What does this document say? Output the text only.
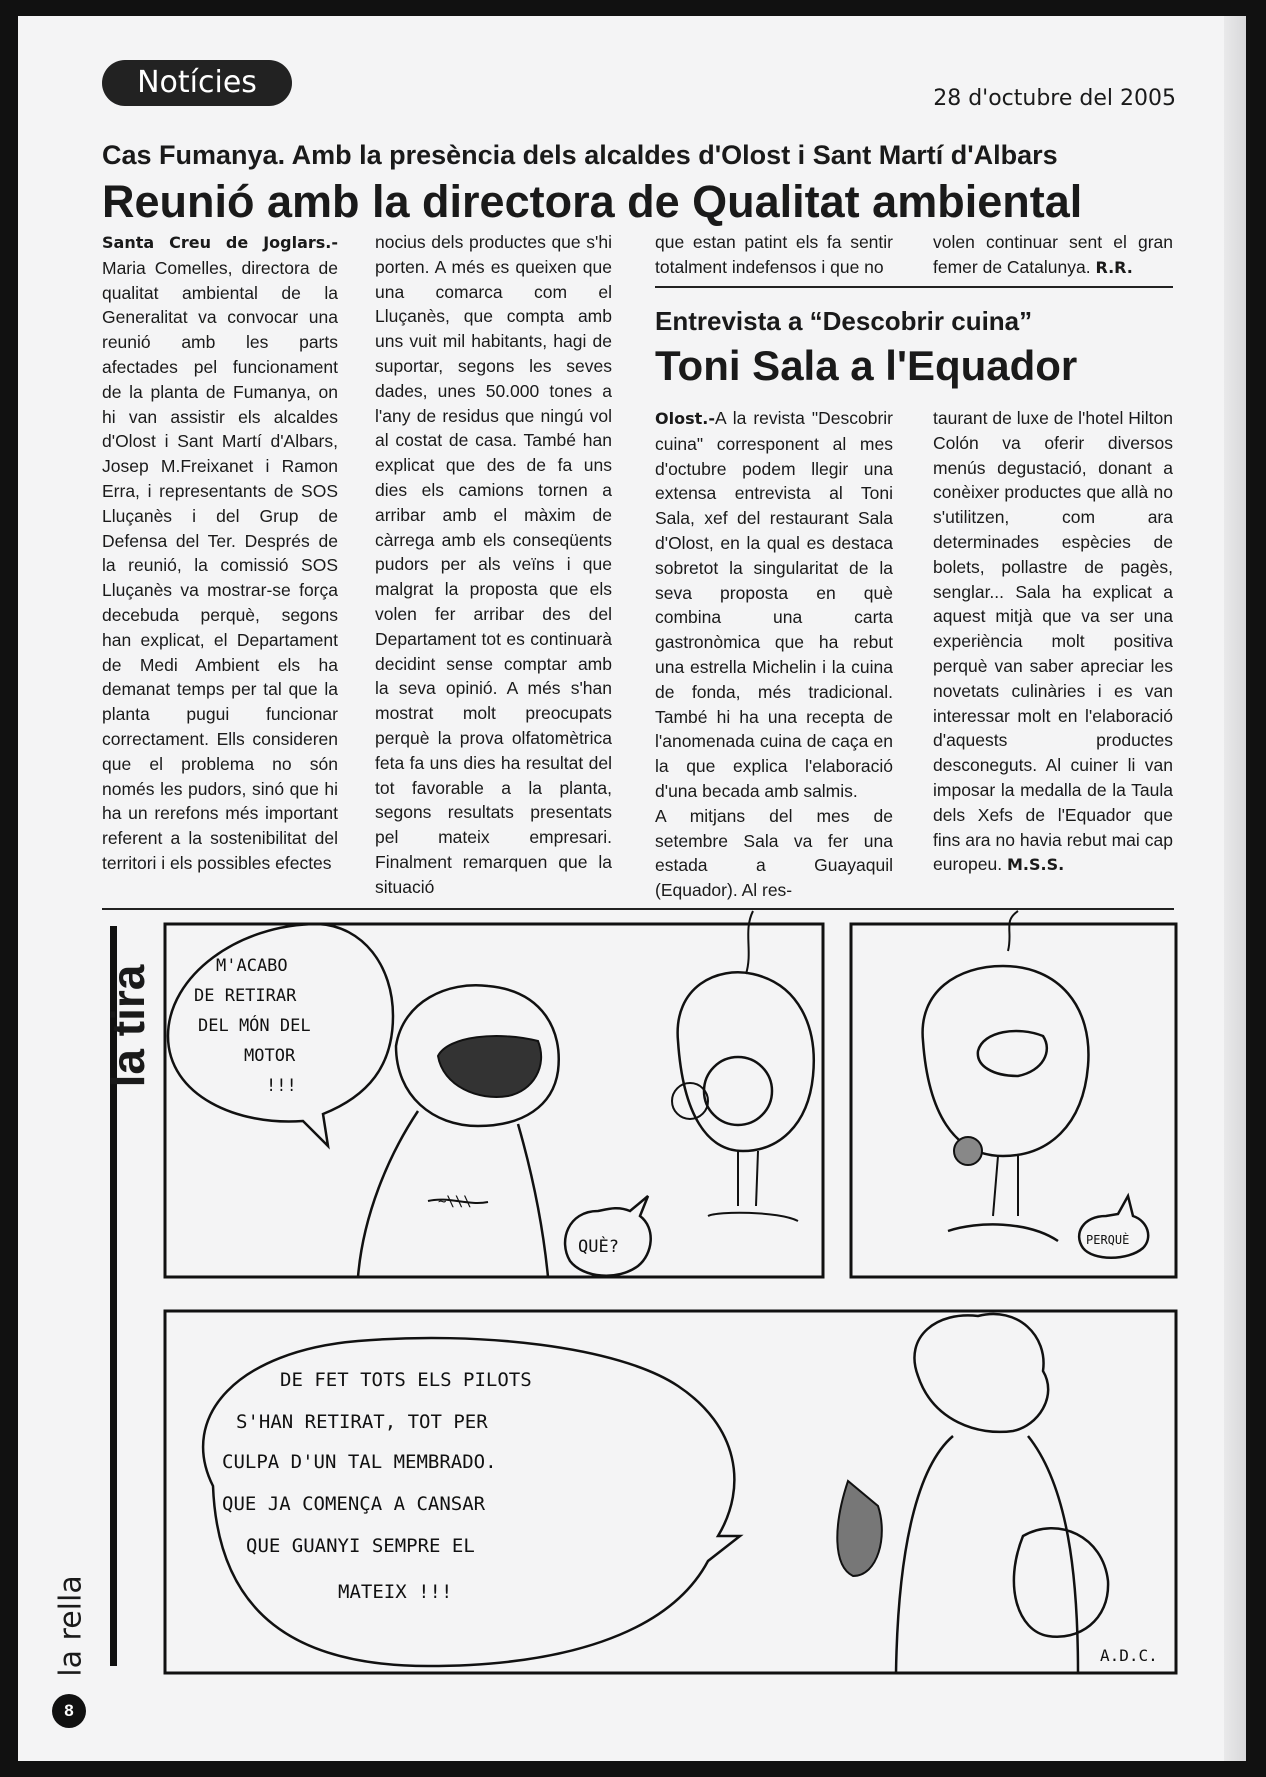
Notícies	28 d'octubre del 2005
Cas Fumanya. Amb la presència dels alcaldes d'Olost i Sant Martí d'Albars
Reunió amb la directora de Qualitat ambiental

Santa Creu de Joglars.- Maria Comelles, directora de qualitat ambiental de la Generalitat va convocar una reunió amb les parts afectades pel funcionament de la planta de Fumanya, on hi van assistir els alcaldes d'Olost i Sant Martí d'Albars, Josep M.Freixanet i Ramon Erra, i representants de SOS Lluçanès i del Grup de Defensa del Ter. Després de la reunió, la comissió SOS Lluçanès va mostrar-se força decebuda perquè, segons han explicat, el Departament de Medi Ambient els ha demanat temps per tal que la planta pugui funcionar correctament. Ells consideren que el problema no són només les pudors, sinó que hi ha un rerefons més important referent a la sostenibilitat del territori i els possibles efectes

nocius dels productes que s'hi porten. A més es queixen que una comarca com el Lluçanès, que compta amb uns vuit mil habitants, hagi de suportar, segons les seves dades, unes 50.000 tones a l'any de residus que ningú vol al costat de casa. També han explicat que des de fa uns dies els camions tornen a arribar amb el màxim de càrrega amb els conseqüents pudors per als veïns i que malgrat la proposta que els volen fer arribar des del Departament tot es continuarà decidint sense comptar amb la seva opinió. A més s'han mostrat molt preocupats perquè la prova olfatomètrica feta fa uns dies ha resultat del tot favorable a la planta, segons resultats presentats pel mateix empresari. Finalment remarquen que la situació

que estan patint els fa sentir totalment indefensos i que no

volen continuar sent el gran femer de Catalunya. R.R.

Entrevista a “Descobrir cuina”
Toni Sala a l'Equador

Olost.-A la revista "Descobrir cuina" corresponent al mes d'octubre podem llegir una extensa entrevista al Toni Sala, xef del restaurant Sala d'Olost, en la qual es destaca sobretot la singularitat de la seva proposta en què combina una carta gastronòmica que ha rebut una estrella Michelin i la cuina de fonda, més tradicional. També hi ha una recepta de l'anomenada cuina de caça en la que explica l'elaboració d'una becada amb salmis.

A mitjans del mes de setembre Sala va fer una estada a Guayaquil (Equador). Al res-

taurant de luxe de l'hotel Hilton Colón va oferir diversos menús degustació, donant a conèixer productes que allà no s'utilitzen, com ara determinades espècies de bolets, pollastre de pagès, senglar... Sala ha explicat a aquest mitjà que va ser una experiència molt positiva perquè van saber apreciar les novetats culinàries i es van interessar molt en l'elaboració d'aquests productes desconeguts. Al cuiner li van imposar la medalla de la Taula dels Xefs de l'Equador que fins ara no havia rebut mai cap europeu. M.S.S.

la tira	M'ACABO
DE RETIRAR
DEL MÓN DEL
MOTOR
!!!
~\\\
QUÈ?	PERQUÈ
DE FET TOTS ELS PILOTS
S'HAN RETIRAT, TOT PER
CULPA D'UN TAL MEMBRADO.
QUE JA COMENÇA A CANSAR
QUE GUANYI SEMPRE EL
MATEIX !!!
A.D.C.
la rella
8
